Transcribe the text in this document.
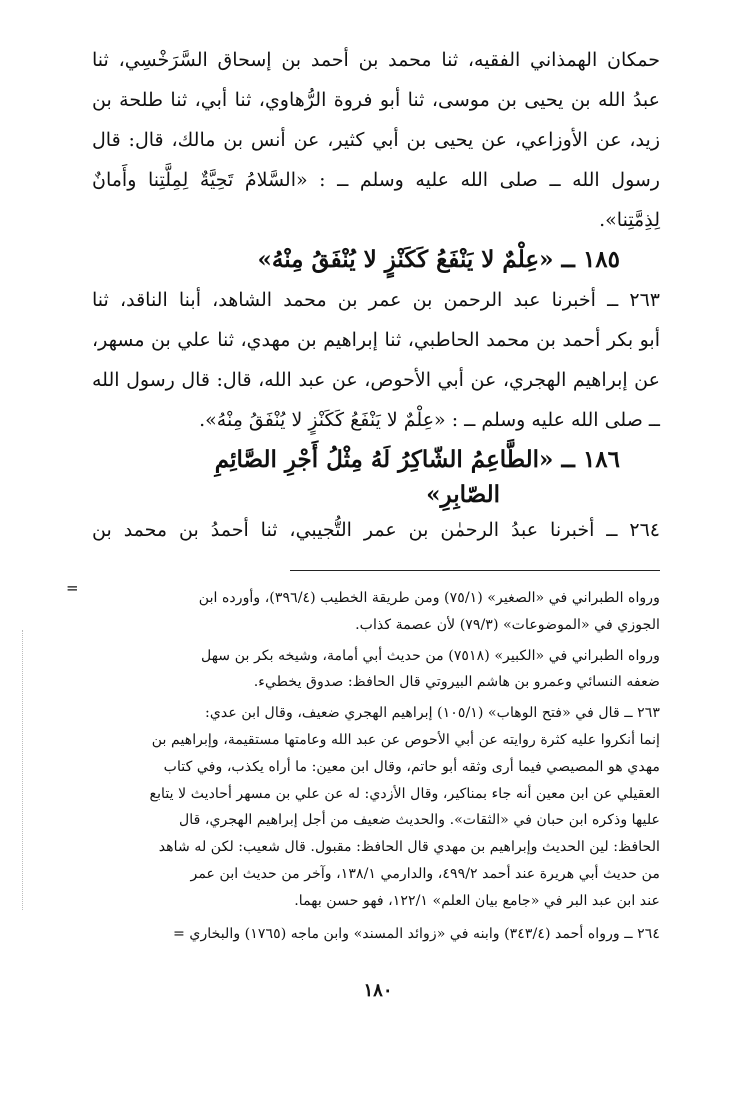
حمكان الهمذاني الفقيه، ثنا محمد بن أحمد بن إسحاق السَّرَخْسِي، ثنا

عبدُ الله بن يحيى بن موسى، ثنا أبو فروة الرُّهاوي، ثنا أبي، ثنا طلحة بن

زيد، عن الأوزاعي، عن يحيى بن أبي كثير، عن أنس بن مالك، قال: قال

رسول الله ــ صلى الله عليه وسلم ــ : «السَّلامُ تَحِيَّةٌ لِمِلَّتِنا وأَمانٌ لِذِمَّتِنا».

١٨٥ ــ «عِلْمٌ لا يَنْفَعُ كَكَنْزٍ لا يُنْفَقُ مِنْهُ»

٢٦٣ ــ أخبرنا عبد الرحمن بن عمر بن محمد الشاهد، أبنا الناقد، ثنا

أبو بكر أحمد بن محمد الحاطبي، ثنا إبراهيم بن مهدي، ثنا علي بن مسهر،

عن إبراهيم الهجري، عن أبي الأحوص، عن عبد الله، قال: قال رسول الله

ــ صلى الله عليه وسلم ــ : «عِلْمٌ لا يَنْفَعُ كَكَنْزٍ لا يُنْفَقُ مِنْهُ».

١٨٦ ــ «الطَّاعِمُ الشّاكِرُ لَهُ مِثْلُ أَجْرِ الصَّائِمِ
الصّابِرِ»

٢٦٤ ــ أخبرنا عبدُ الرحمٰن بن عمر التُّجيبي، ثنا أحمدُ بن محمد بن

ورواه الطبراني في «الصغير» (٧٥/١) ومن طريقة الخطيب (٣٩٦/٤)، وأورده ابن
الجوزي في «الموضوعات» (٧٩/٣) لأن عصمة كذاب.

ورواه الطبراني في «الكبير» (٧٥١٨) من حديث أبي أمامة، وشيخه بكر بن سهل
ضعفه النسائي وعمرو بن هاشم البيروتي قال الحافظ: صدوق يخطيء.

٢٦٣ ــ قال في «فتح الوهاب» (١٠٥/١) إبراهيم الهجري ضعيف، وقال ابن عدي:
إنما أنكروا عليه كثرة روايته عن أبي الأحوص عن عبد الله وعامتها مستقيمة، وإبراهيم بن
مهدي هو المصيصي فيما أرى وثقه أبو حاتم، وقال ابن معين: ما أراه يكذب، وفي كتاب
العقيلي عن ابن معين أنه جاء بمناكير، وقال الأزدي: له عن علي بن مسهر أحاديث لا يتابع
عليها وذكره ابن حبان في «الثقات». والحديث ضعيف من أجل إبراهيم الهجري، قال
الحافظ: لين الحديث وإبراهيم بن مهدي قال الحافظ: مقبول. قال شعيب: لكن له شاهد
من حديث أبي هريرة عند أحمد ٤٩٩/٢، والدارمي ١٣٨/١، وآخر من حديث ابن عمر
عند ابن عبد البر في «جامع بيان العلم» ١٢٢/١، فهو حسن بهما.

٢٦٤ ــ ورواه أحمد (٣٤٣/٤) وابنه في «زوائد المسند» وابن ماجه (١٧٦٥) والبخاري =

=
١٨٠
